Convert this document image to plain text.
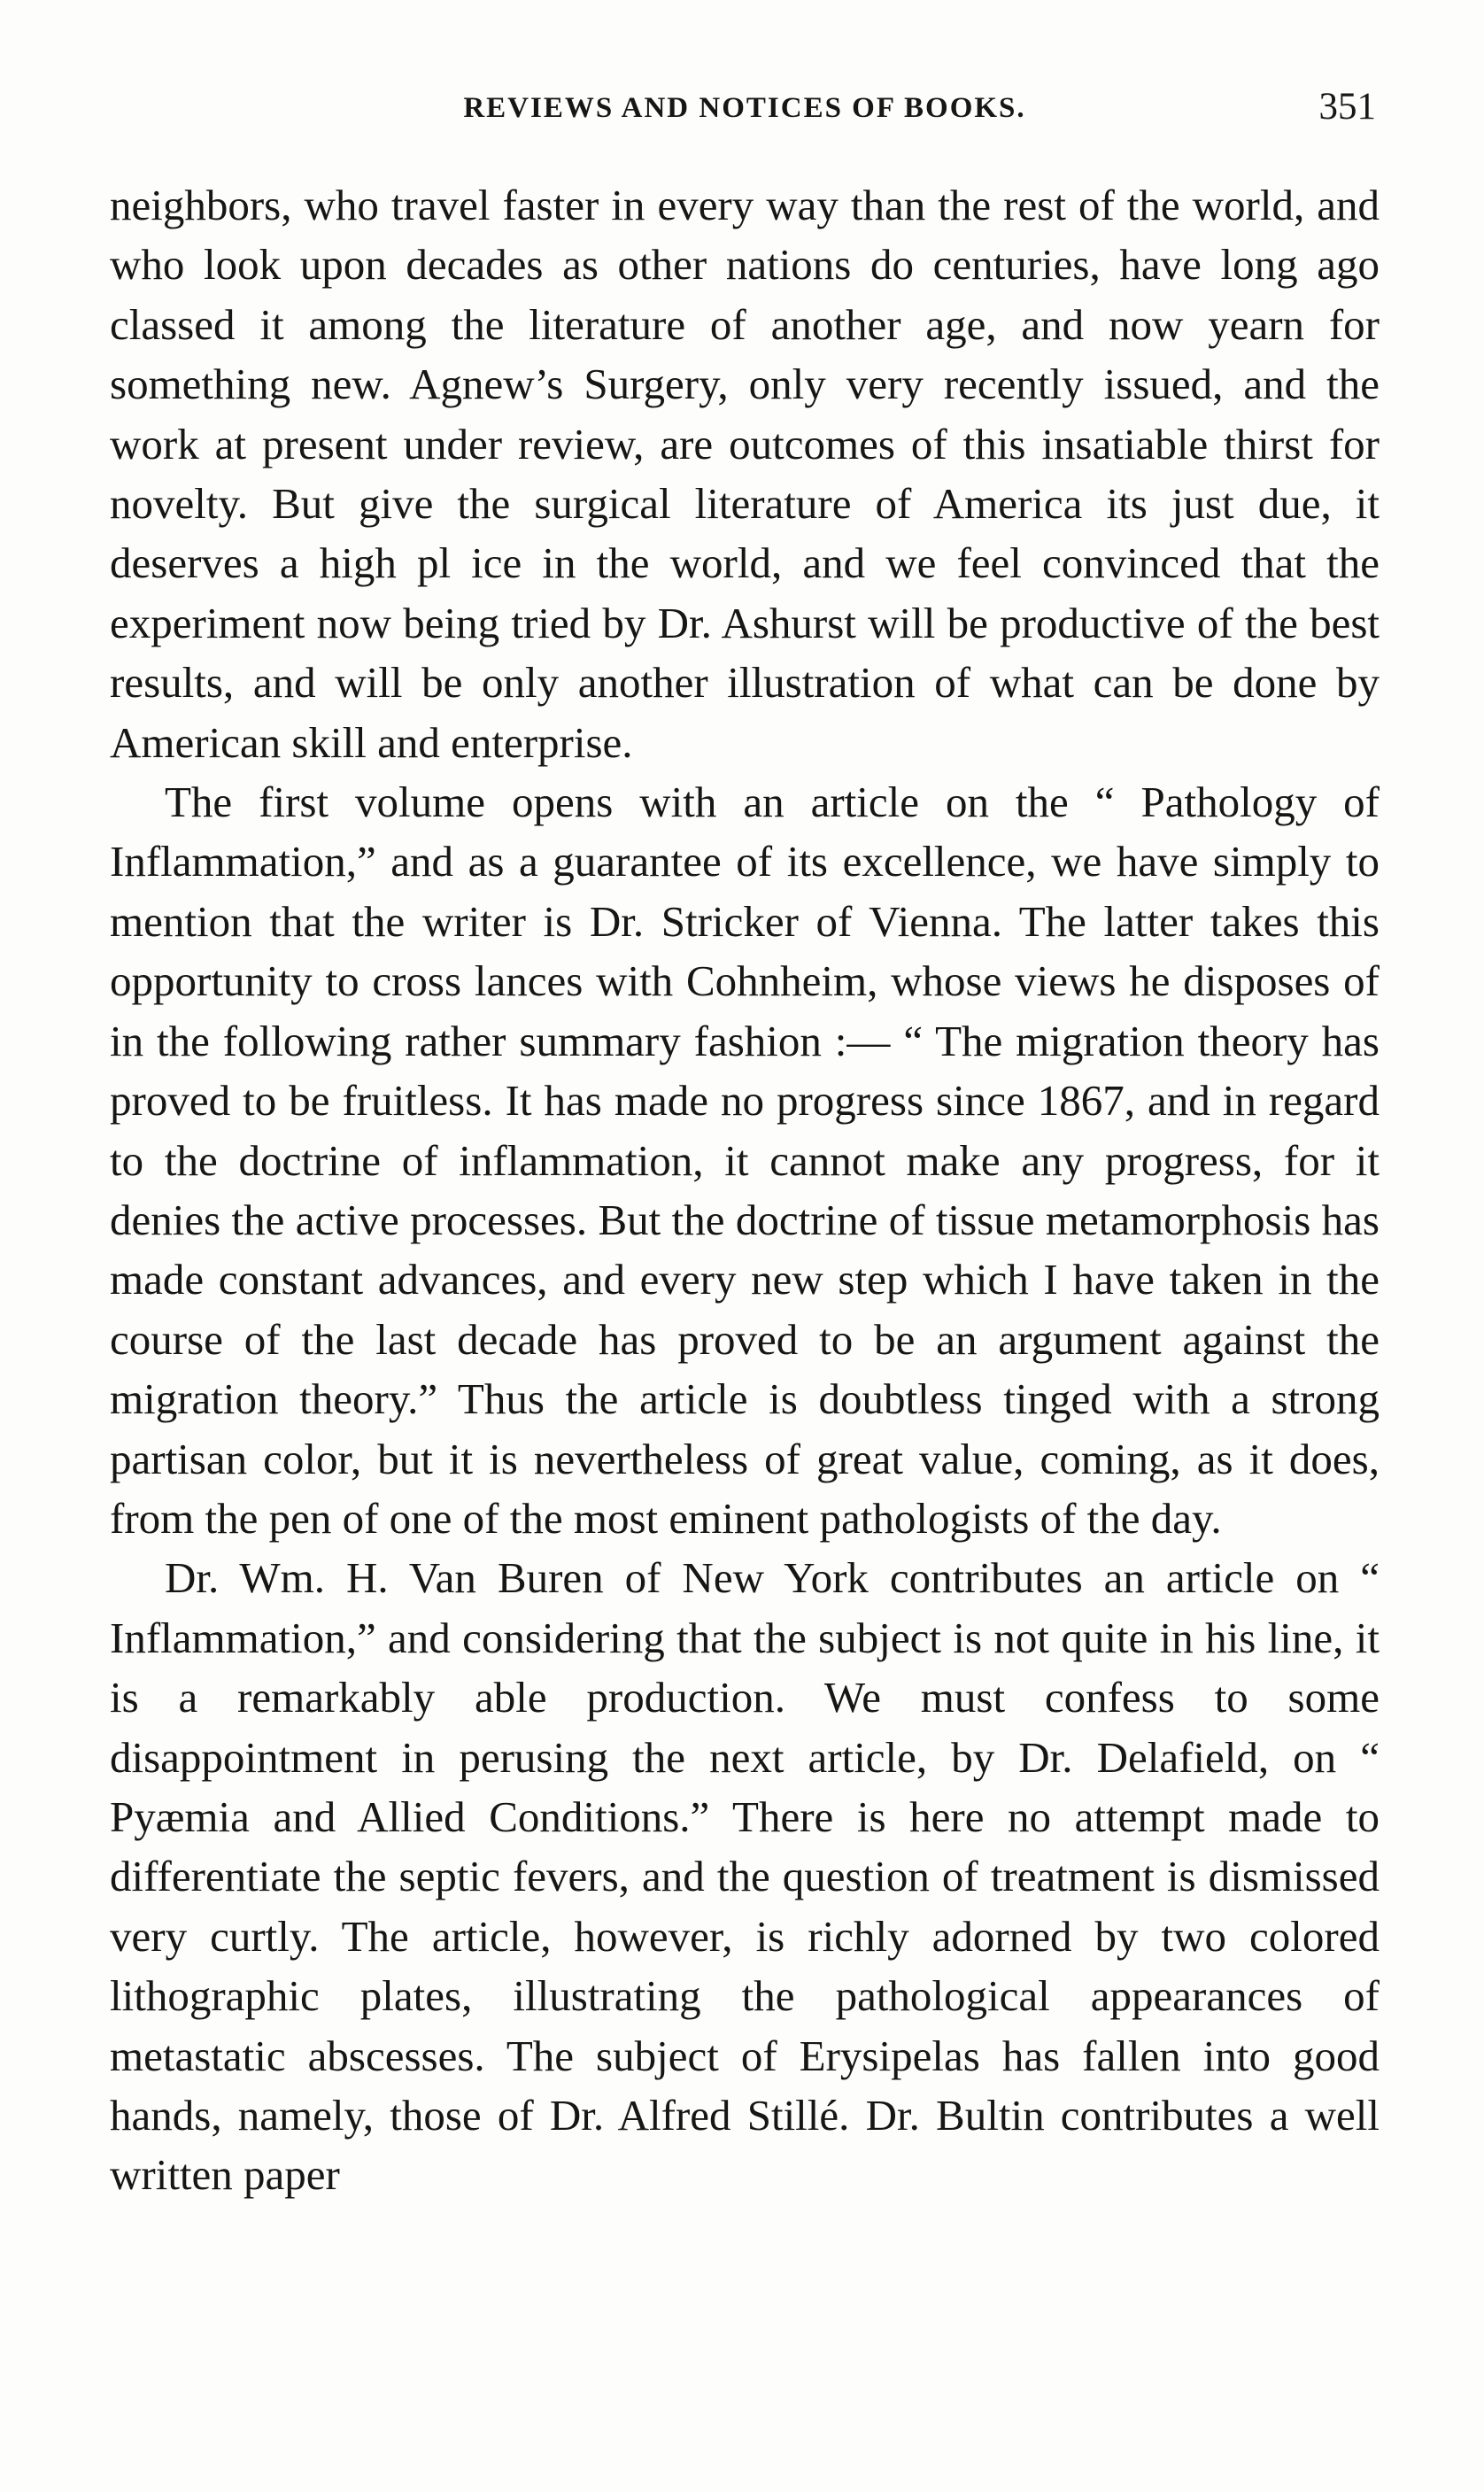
REVIEWS AND NOTICES OF BOOKS.	351

neighbors, who travel faster in every way than the rest of the world, and who look upon decades as other nations do centuries, have long ago classed it among the literature of another age, and now yearn for something new. Agnew’s Surgery, only very recently issued, and the work at present under review, are outcomes of this insatiable thirst for novelty. But give the surgical literature of America its just due, it deserves a high pl ice in the world, and we feel convinced that the experiment now being tried by Dr. Ashurst will be productive of the best results, and will be only another illustration of what can be done by American skill and enterprise.

The first volume opens with an article on the “ Pathology of Inflammation,” and as a guarantee of its excellence, we have simply to mention that the writer is Dr. Stricker of Vienna. The latter takes this opportunity to cross lances with Cohnheim, whose views he disposes of in the following rather summary fashion :— “ The migration theory has proved to be fruitless. It has made no progress since 1867, and in regard to the doctrine of inflammation, it cannot make any progress, for it denies the active processes. But the doctrine of tissue metamorphosis has made constant advances, and every new step which I have taken in the course of the last decade has proved to be an argument against the migration theory.” Thus the article is doubtless tinged with a strong partisan color, but it is nevertheless of great value, coming, as it does, from the pen of one of the most eminent pathologists of the day.

Dr. Wm. H. Van Buren of New York contributes an article on “ Inflammation,” and considering that the subject is not quite in his line, it is a remarkably able production. We must confess to some disappointment in perusing the next article, by Dr. Delafield, on “ Pyæmia and Allied Conditions.” There is here no attempt made to differentiate the septic fevers, and the question of treatment is dismissed very curtly. The article, however, is richly adorned by two colored lithographic plates, illustrating the pathological appearances of metastatic abscesses. The subject of Erysipelas has fallen into good hands, namely, those of Dr. Alfred Stillé. Dr. Bultin contributes a well written paper
